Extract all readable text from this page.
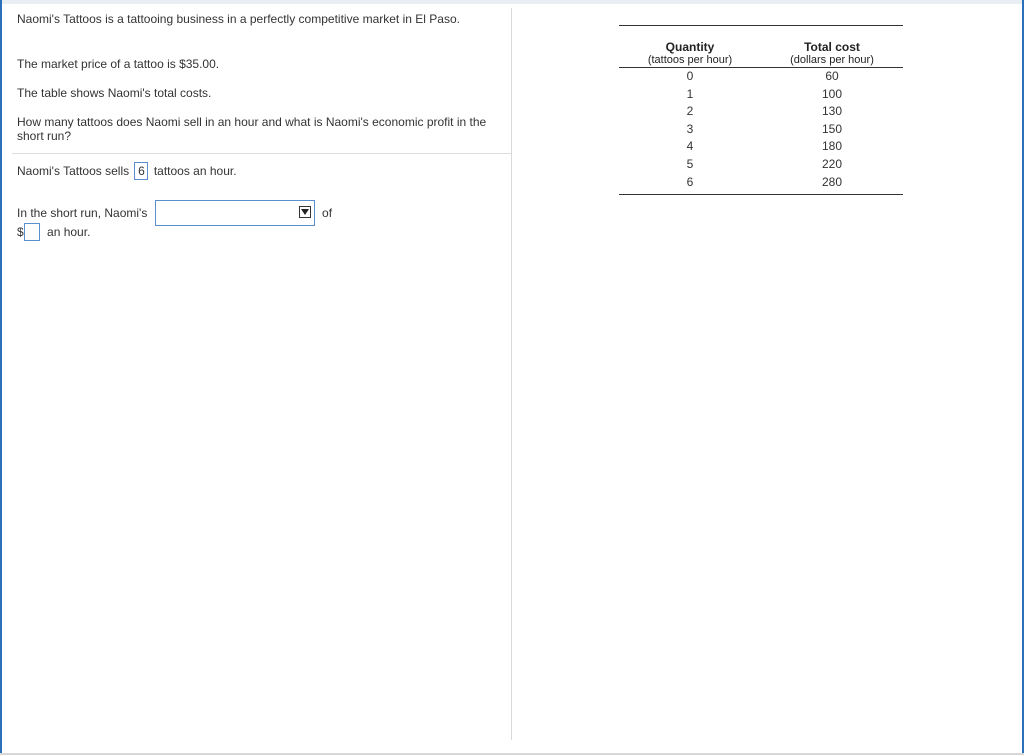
Naomi's Tattoos is a tattooing business in a perfectly competitive market in El Paso.
The market price of a tattoo is $35.00.
The table shows Naomi's total costs.
How many tattoos does Naomi sell in an hour and what is Naomi's economic profit in the short run?
Naomi's Tattoos sells 6 tattoos an hour.
In the short run, Naomi's	of
$ an hour.
Quantity
(tattoos per hour)
Total cost
(dollars per hour)
0	60
1	100
2	130
3	150
4	180
5	220
6	280
